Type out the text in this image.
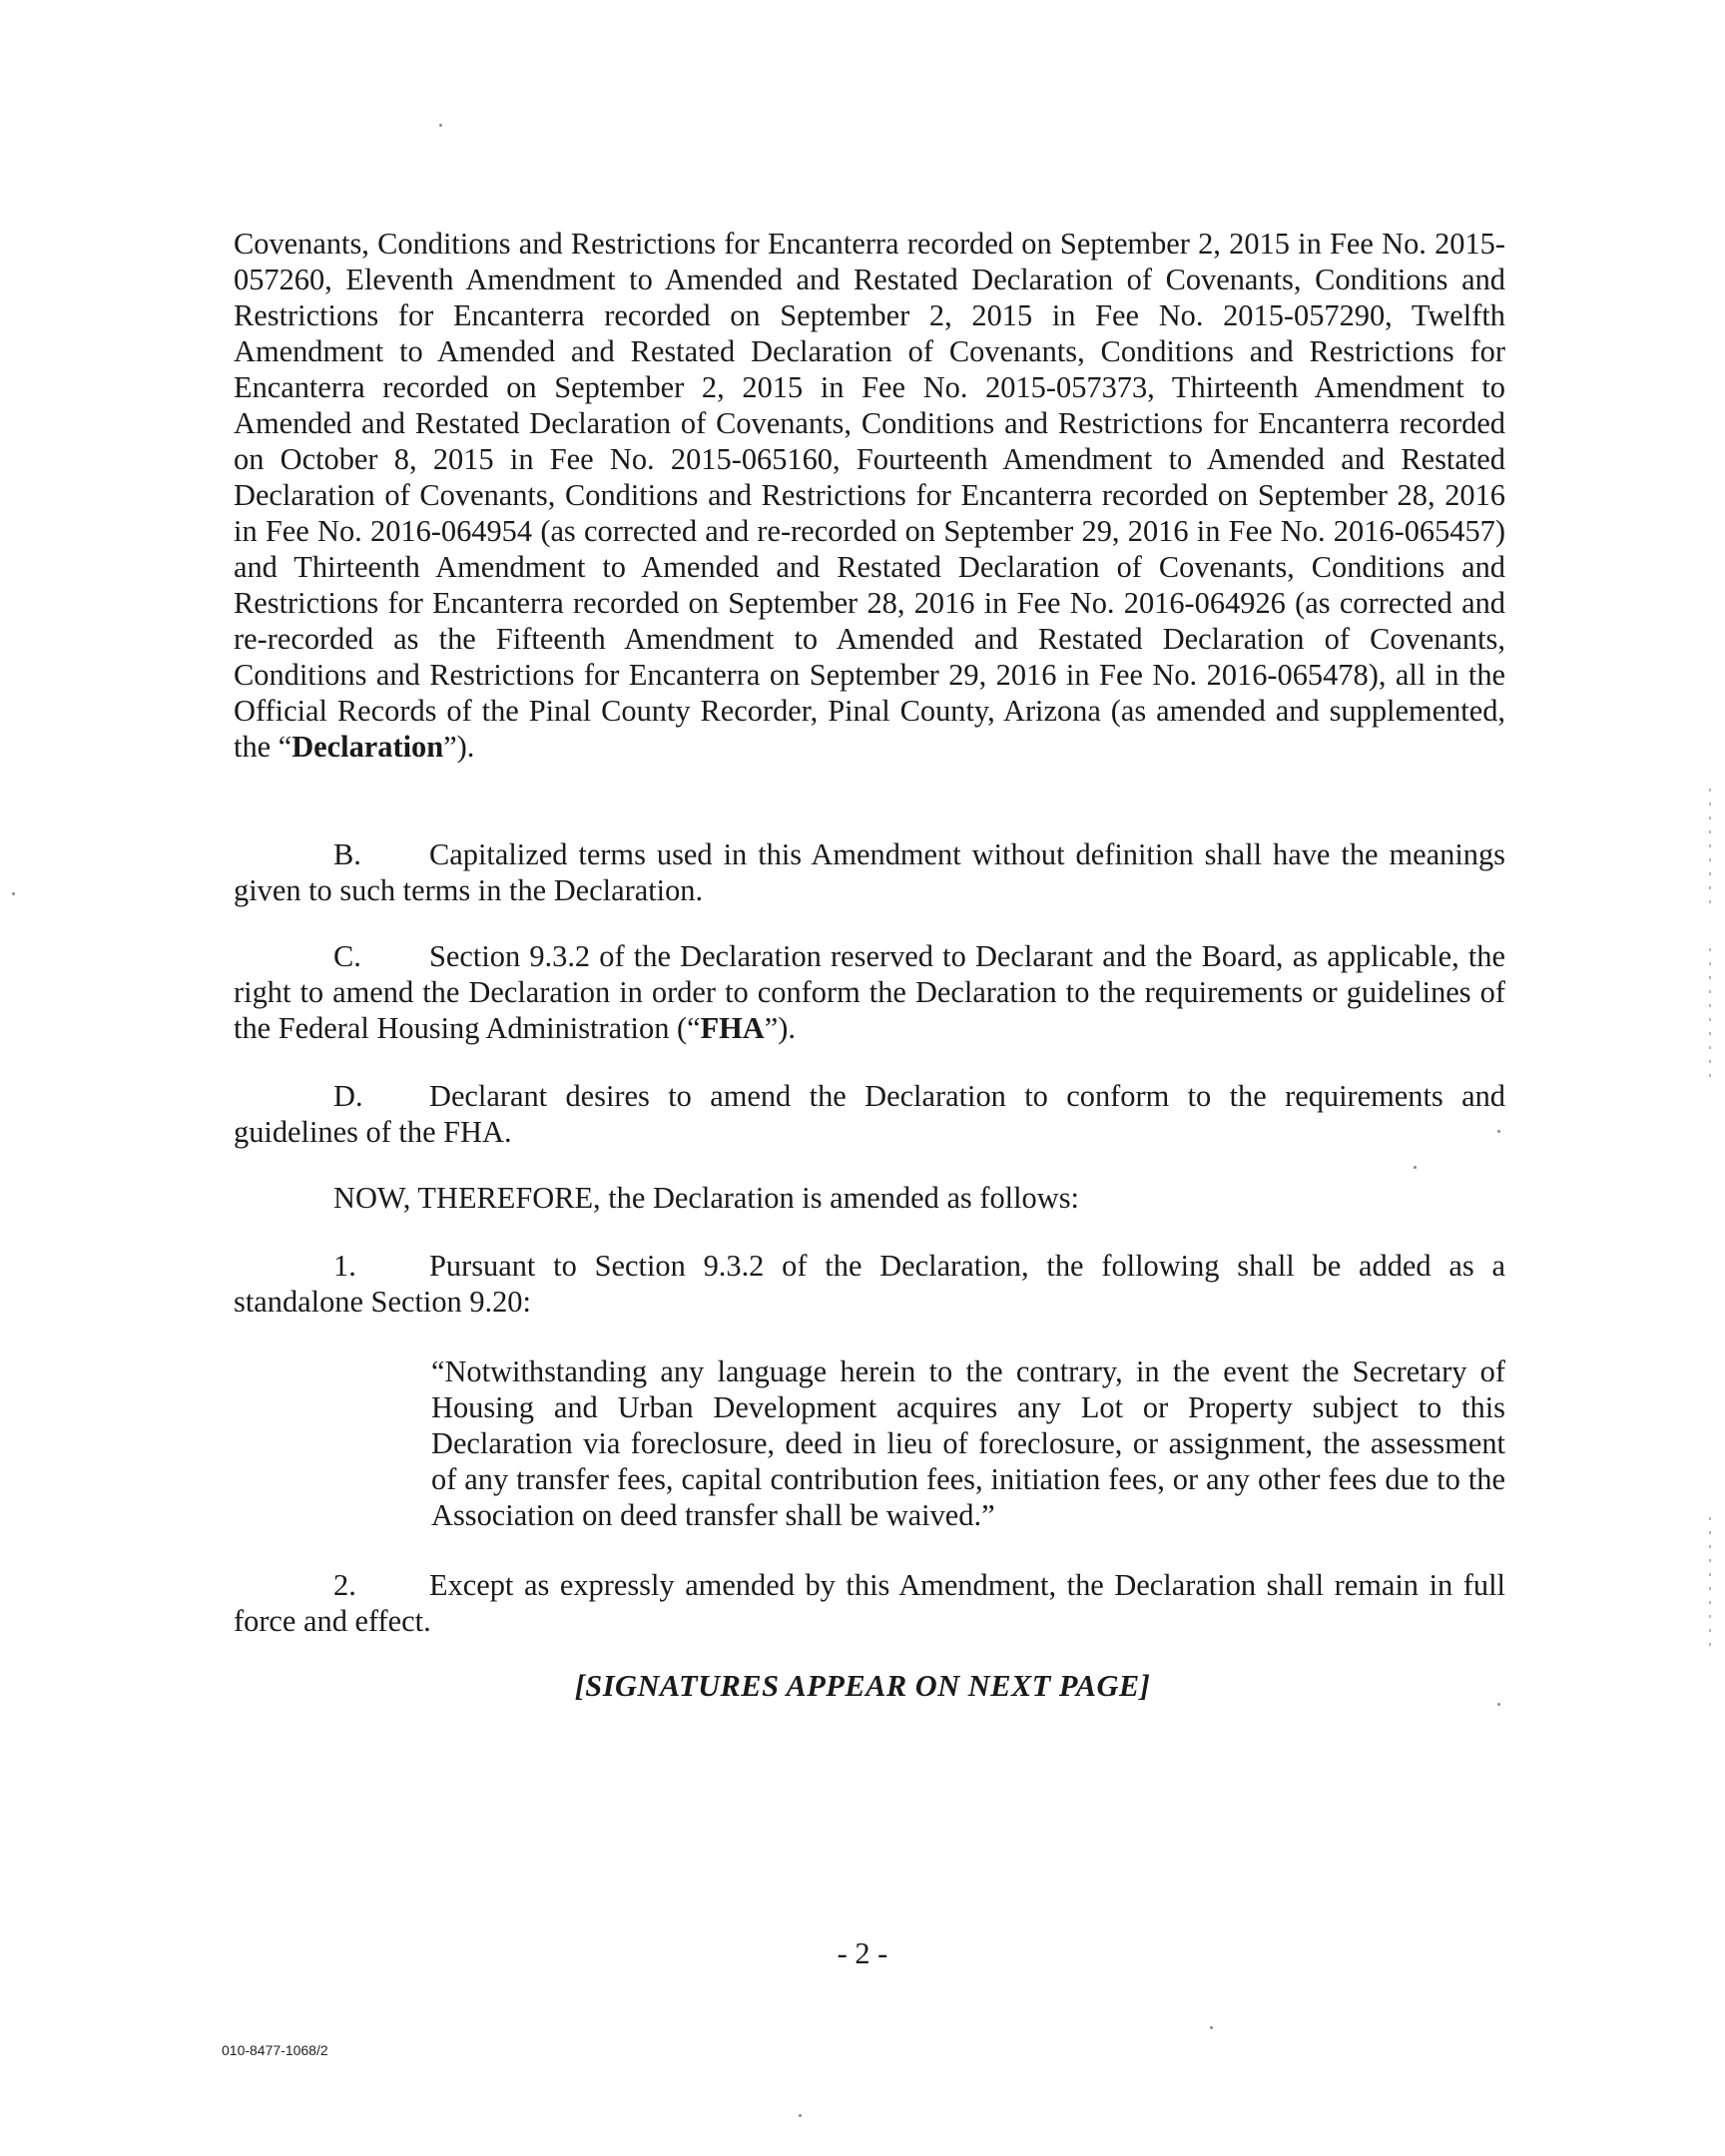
Covenants, Conditions and Restrictions for Encanterra recorded on September 2, 2015 in Fee No. 2015-057260, Eleventh Amendment to Amended and Restated Declaration of Covenants, Conditions and Restrictions for Encanterra recorded on September 2, 2015 in Fee No. 2015-057290, Twelfth Amendment to Amended and Restated Declaration of Covenants, Conditions and Restrictions for Encanterra recorded on September 2, 2015 in Fee No. 2015-057373, Thirteenth Amendment to Amended and Restated Declaration of Covenants, Conditions and Restrictions for Encanterra recorded on October 8, 2015 in Fee No. 2015-065160, Fourteenth Amendment to Amended and Restated Declaration of Covenants, Conditions and Restrictions for Encanterra recorded on September 28, 2016 in Fee No. 2016-064954 (as corrected and re-recorded on September 29, 2016 in Fee No. 2016-065457) and Thirteenth Amendment to Amended and Restated Declaration of Covenants, Conditions and Restrictions for Encanterra recorded on September 28, 2016 in Fee No. 2016-064926 (as corrected and re-recorded as the Fifteenth Amendment to Amended and Restated Declaration of Covenants, Conditions and Restrictions for Encanterra on September 29, 2016 in Fee No. 2016-065478), all in the Official Records of the Pinal County Recorder, Pinal County, Arizona (as amended and supplemented, the “Declaration”).

B. Capitalized terms used in this Amendment without definition shall have the meanings given to such terms in the Declaration.

C. Section 9.3.2 of the Declaration reserved to Declarant and the Board, as applicable, the right to amend the Declaration in order to conform the Declaration to the requirements or guidelines of the Federal Housing Administration (“FHA”).

D. Declarant desires to amend the Declaration to conform to the requirements and guidelines of the FHA.

NOW, THEREFORE, the Declaration is amended as follows:

1. Pursuant to Section 9.3.2 of the Declaration, the following shall be added as a standalone Section 9.20:

“Notwithstanding any language herein to the contrary, in the event the Secretary of Housing and Urban Development acquires any Lot or Property subject to this Declaration via foreclosure, deed in lieu of foreclosure, or assignment, the assessment of any transfer fees, capital contribution fees, initiation fees, or any other fees due to the Association on deed transfer shall be waived.”

2. Except as expressly amended by this Amendment, the Declaration shall remain in full force and effect.

[SIGNATURES APPEAR ON NEXT PAGE]

- 2 -

010-8477-1068/2
